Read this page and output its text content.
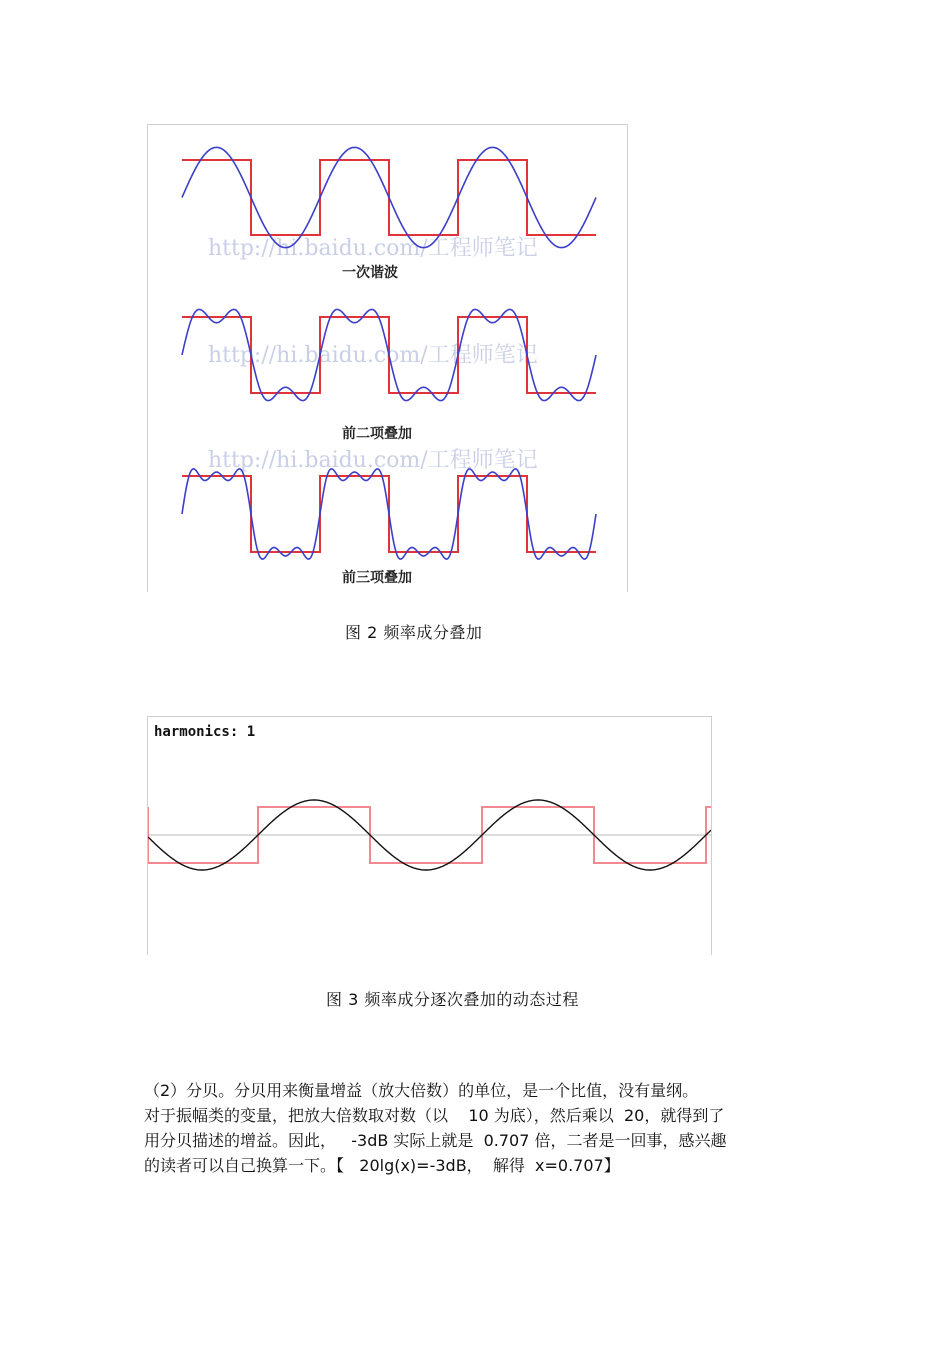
http://hi.baidu.com/工程师笔记
http://hi.baidu.com/工程师笔记
http://hi.baidu.com/工程师笔记
一次谐波
前二项叠加
前三项叠加
图 2 频率成分叠加
harmonics: 1
图 3 频率成分逐次叠加的动态过程
（2）分贝。分贝用来衡量增益（放大倍数）的单位，是一个比值，没有量纲。
对于振幅类的变量，把放大倍数取对数（以    10 为底），然后乘以  20，就得到了
用分贝描述的增益。因此，   -3dB 实际上就是  0.707 倍，二者是一回事，感兴趣
的读者可以自己换算一下。【   20lg(x)=-3dB，  解得  x=0.707】
